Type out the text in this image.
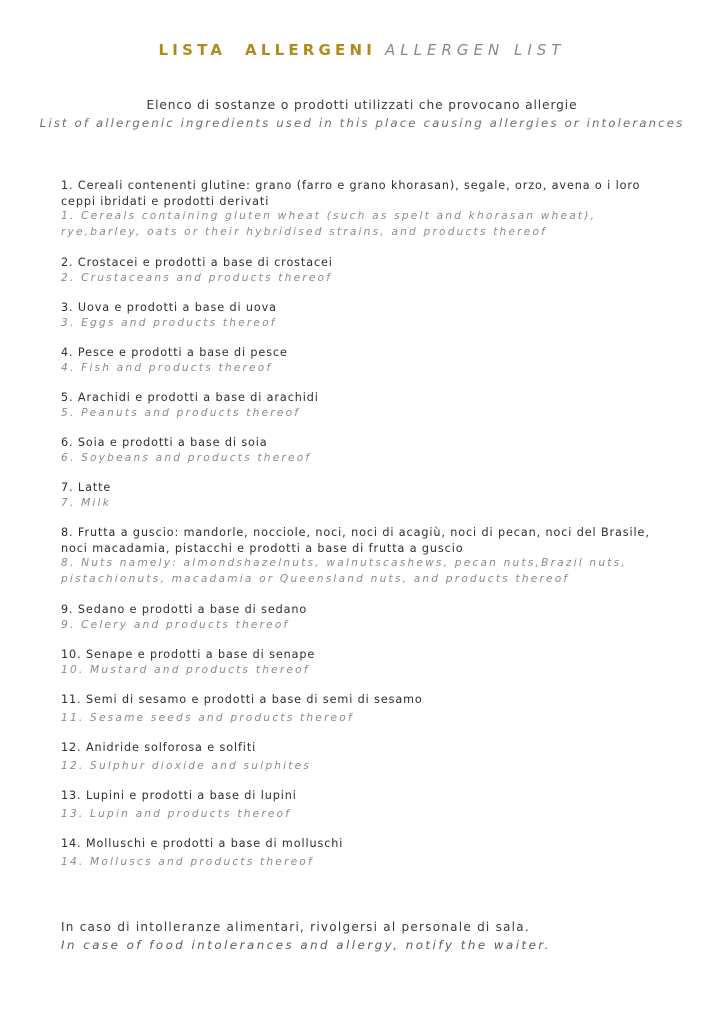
LISTA  ALLERGENI ALLERGEN LIST
Elenco di sostanze o prodotti utilizzati che provocano allergie
List of allergenic ingredients used in this place causing allergies or intolerances
1. Cereali contenenti glutine: grano (farro e grano khorasan), segale, orzo, avena o i loro ceppi ibridati e prodotti derivati
1. Cereals containing gluten wheat (such as spelt and khorasan wheat), rye,barley, oats or their hybridised strains, and products thereof
2. Crostacei e prodotti a base di crostacei
2. Crustaceans and products thereof
3. Uova e prodotti a base di uova
3. Eggs and products thereof
4. Pesce e prodotti a base di pesce
4. Fish and products thereof
5. Arachidi e prodotti a base di arachidi
5. Peanuts and products thereof
6. Soia e prodotti a base di soia
6. Soybeans and products thereof
7. Latte
7. Milk
8. Frutta a guscio: mandorle, nocciole, noci, noci di acagiù, noci di pecan, noci del Brasile, noci macadamia, pistacchi e prodotti a base di frutta a guscio
8. Nuts namely: almondshazelnuts, walnutscashews, pecan nuts,Brazil nuts, pistachionuts, macadamia or Queensland nuts, and products thereof
9. Sedano e prodotti a base di sedano
9. Celery and products thereof
10. Senape e prodotti a base di senape
10. Mustard and products thereof
11. Semi di sesamo e prodotti a base di semi di sesamo
11. Sesame seeds and products thereof
12. Anidride solforosa e solfiti
12. Sulphur dioxide and sulphites
13. Lupini e prodotti a base di lupini
13. Lupin and products thereof
14. Molluschi e prodotti a base di molluschi
14. Molluscs and products thereof
In caso di intolleranze alimentari, rivolgersi al personale di sala.
In case of food intolerances and allergy, notify the waiter.
